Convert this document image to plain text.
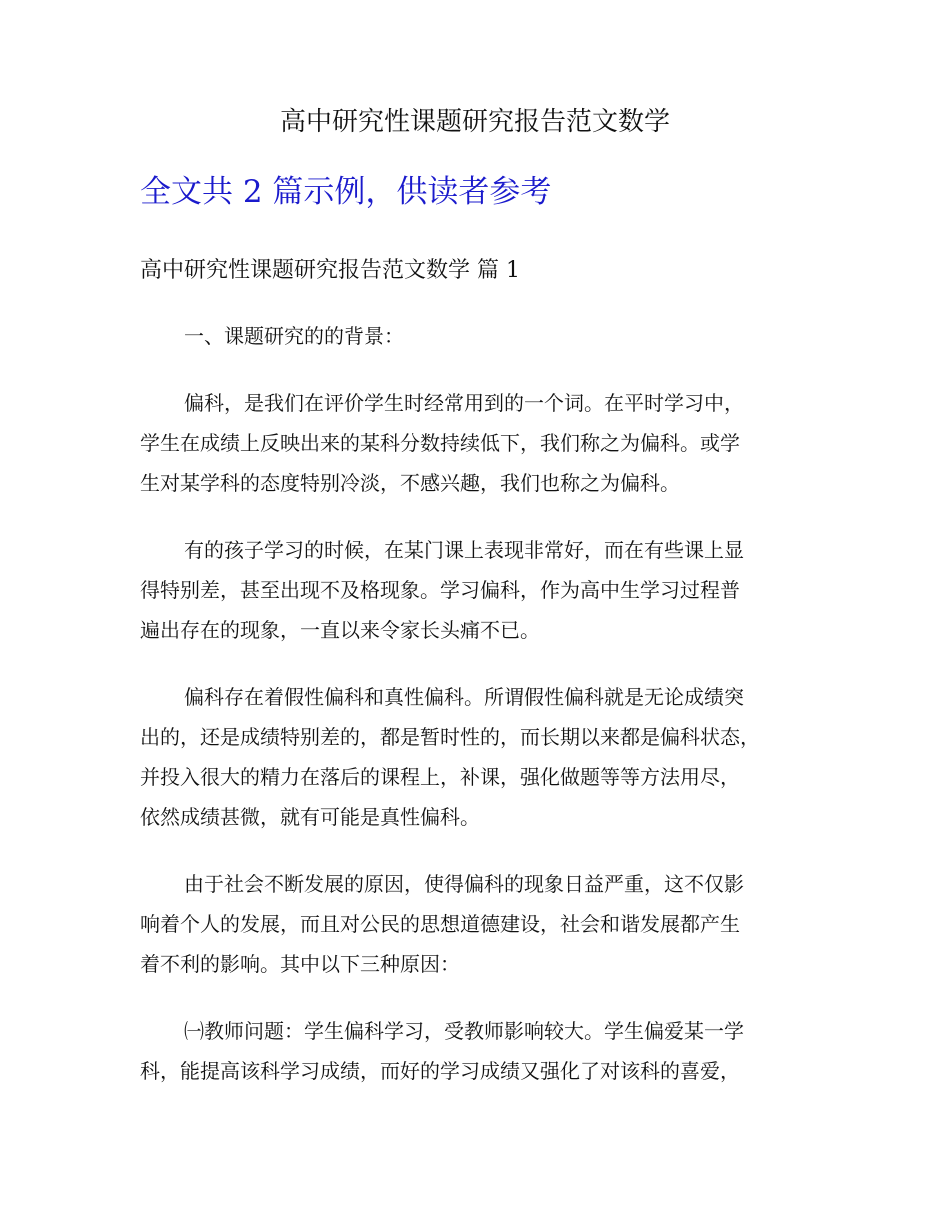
高中研究性课题研究报告范文数学
全文共 2 篇示例，供读者参考
高中研究性课题研究报告范文数学 篇 1
一、课题研究的的背景：
偏科，是我们在评价学生时经常用到的一个词。在平时学习中，
学生在成绩上反映出来的某科分数持续低下，我们称之为偏科。或学
生对某学科的态度特别冷淡，不感兴趣，我们也称之为偏科。
有的孩子学习的时候，在某门课上表现非常好，而在有些课上显
得特别差，甚至出现不及格现象。学习偏科，作为高中生学习过程普
遍出存在的现象，一直以来令家长头痛不已。
偏科存在着假性偏科和真性偏科。所谓假性偏科就是无论成绩突
出的，还是成绩特别差的，都是暂时性的，而长期以来都是偏科状态，
并投入很大的精力在落后的课程上，补课，强化做题等等方法用尽，
依然成绩甚微，就有可能是真性偏科。
由于社会不断发展的原因，使得偏科的现象日益严重，这不仅影
响着个人的发展，而且对公民的思想道德建设，社会和谐发展都产生
着不利的影响。其中以下三种原因：
㈠教师问题：学生偏科学习，受教师影响较大。学生偏爱某一学
科，能提高该科学习成绩，而好的学习成绩又强化了对该科的喜爱，
